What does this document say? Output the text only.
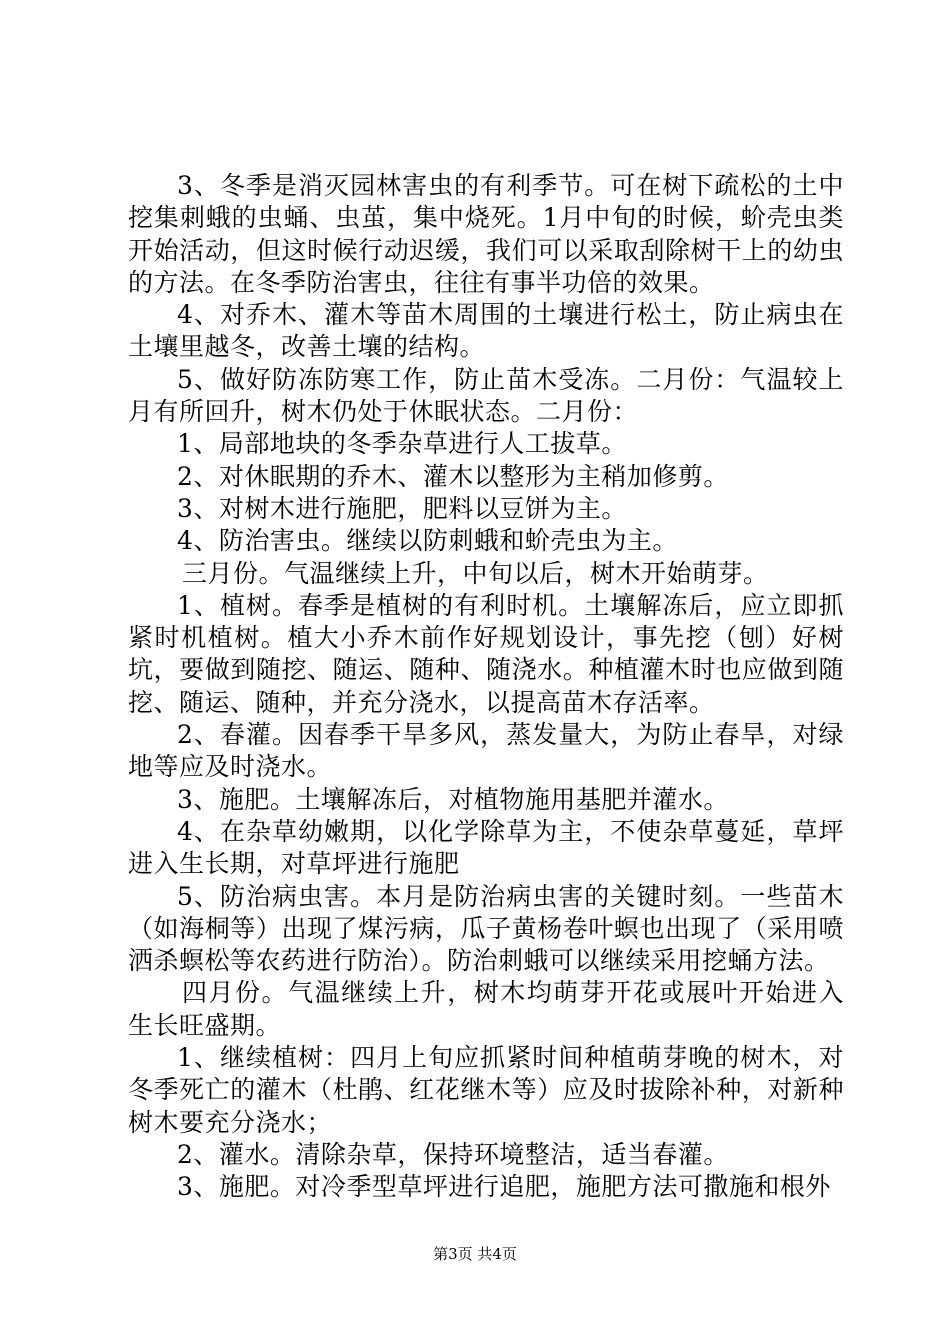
3、冬季是消灭园林害虫的有利季节。可在树下疏松的土中挖集刺蛾的虫蛹、虫茧，集中烧死。1月中旬的时候，蚧壳虫类开始活动，但这时候行动迟缓，我们可以采取刮除树干上的幼虫的方法。在冬季防治害虫，往往有事半功倍的效果。

4、对乔木、灌木等苗木周围的土壤进行松土，防止病虫在土壤里越冬，改善土壤的结构。

5、做好防冻防寒工作，防止苗木受冻。二月份：气温较上月有所回升，树木仍处于休眠状态。二月份：

1、局部地块的冬季杂草进行人工拔草。

2、对休眠期的乔木、灌木以整形为主稍加修剪。

3、对树木进行施肥，肥料以豆饼为主。

4、防治害虫。继续以防刺蛾和蚧壳虫为主。

三月份。气温继续上升，中旬以后，树木开始萌芽。

1、植树。春季是植树的有利时机。土壤解冻后，应立即抓紧时机植树。植大小乔木前作好规划设计，事先挖（刨）好树坑，要做到随挖、随运、随种、随浇水。种植灌木时也应做到随挖、随运、随种，并充分浇水，以提高苗木存活率。

2、春灌。因春季干旱多风，蒸发量大，为防止春旱，对绿地等应及时浇水。

3、施肥。土壤解冻后，对植物施用基肥并灌水。

4、在杂草幼嫩期，以化学除草为主，不使杂草蔓延，草坪进入生长期，对草坪进行施肥

5、防治病虫害。本月是防治病虫害的关键时刻。一些苗木（如海桐等）出现了煤污病，瓜子黄杨卷叶螟也出现了（采用喷洒杀螟松等农药进行防治）。防治刺蛾可以继续采用挖蛹方法。

四月份。气温继续上升，树木均萌芽开花或展叶开始进入生长旺盛期。

1、继续植树：四月上旬应抓紧时间种植萌芽晚的树木，对冬季死亡的灌木（杜鹃、红花继木等）应及时拔除补种，对新种树木要充分浇水；

2、灌水。清除杂草，保持环境整洁，适当春灌。

3、施肥。对冷季型草坪进行追肥，施肥方法可撒施和根外

第3页 共4页
